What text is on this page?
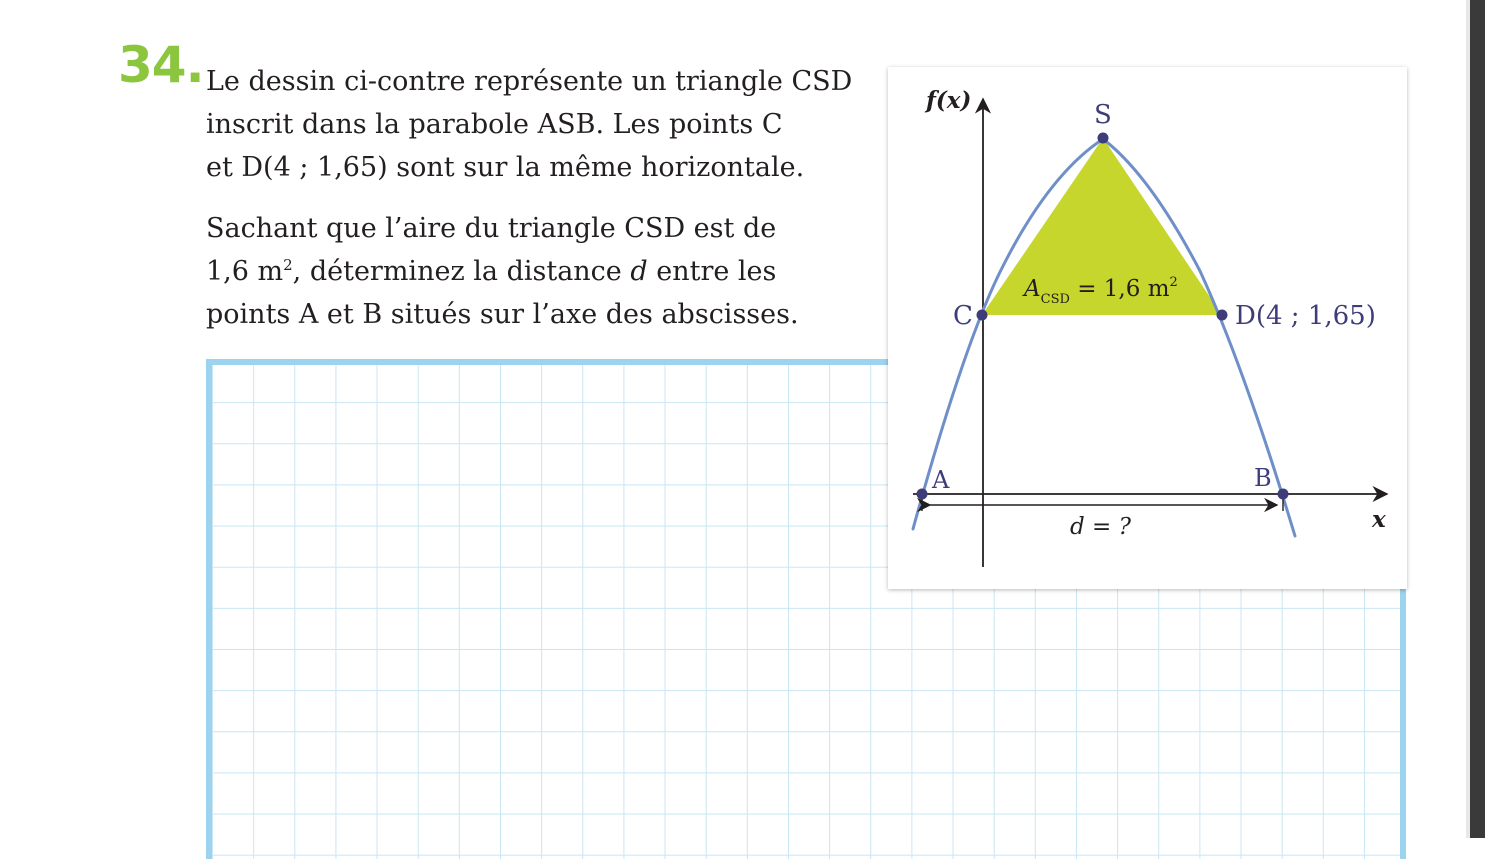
34. Le dessin ci-contre représente un triangle CSD
inscrit dans la parabole ASB. Les points C
et D(4 ; 1,65) sont sur la même horizontale.

Sachant que l’aire du triangle CSD est de
1,6 $m^2$, déterminez la distance d entre les
points A et B situés sur l’axe des abscisses.

f(x)
x
S
C	D(4 ; 1,65)
A	B
$A_{CSD} = 1,6$ $m^2$
d = ?
